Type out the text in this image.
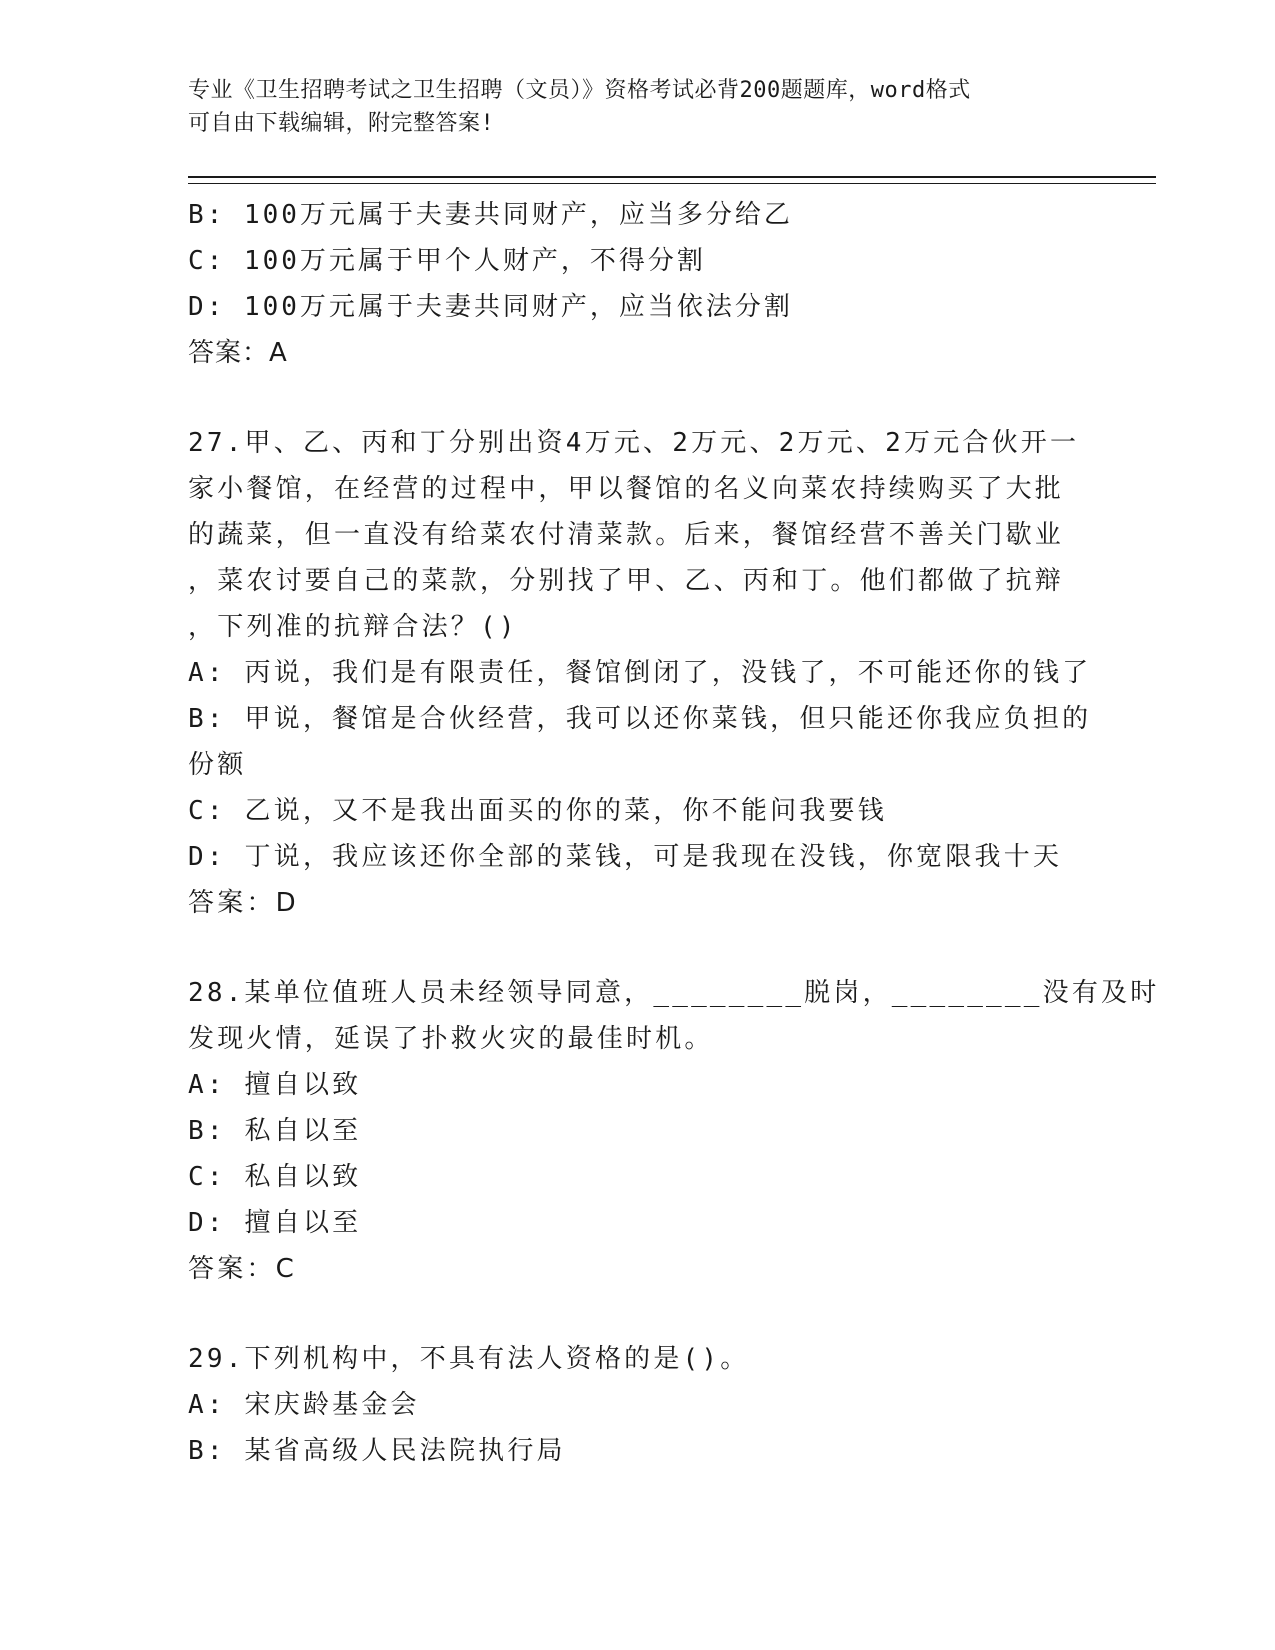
专业《卫生招聘考试之卫生招聘（文员）》资格考试必背200题题库，word格式
可自由下载编辑，附完整答案!
B: 100万元属于夫妻共同财产，应当多分给乙
C: 100万元属于甲个人财产，不得分割
D: 100万元属于夫妻共同财产，应当依法分割
答案：A
27.甲、乙、丙和丁分别出资4万元、2万元、2万元、2万元合伙开一
家小餐馆，在经营的过程中，甲以餐馆的名义向菜农持续购买了大批
的蔬菜，但一直没有给菜农付清菜款。后来，餐馆经营不善关门歇业
，菜农讨要自己的菜款，分别找了甲、乙、丙和丁。他们都做了抗辩
，下列准的抗辩合法？()
A: 丙说，我们是有限责任，餐馆倒闭了，没钱了，不可能还你的钱了
B: 甲说，餐馆是合伙经营，我可以还你菜钱，但只能还你我应负担的
份额
C: 乙说，又不是我出面买的你的菜，你不能问我要钱
D: 丁说，我应该还你全部的菜钱，可是我现在没钱，你宽限我十天
答案：D
28.某单位值班人员未经领导同意，________脱岗，________没有及时
发现火情，延误了扑救火灾的最佳时机。
A: 擅自以致
B: 私自以至
C: 私自以致
D: 擅自以至
答案：C
29.下列机构中，不具有法人资格的是()。
A: 宋庆龄基金会
B: 某省高级人民法院执行局
